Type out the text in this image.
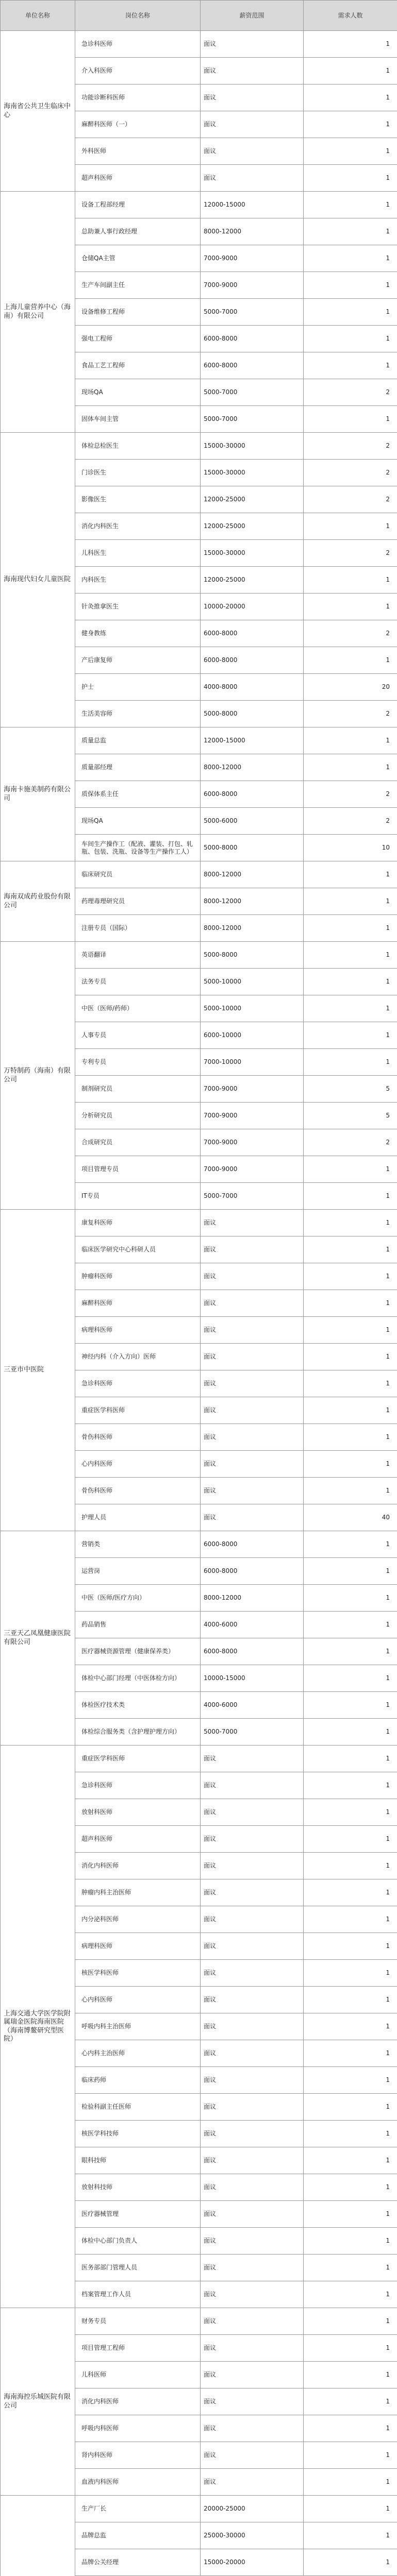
单位名称	岗位名称	薪资范围	需求人数
海南省公共卫生临床中心	急诊科医师	面议	1
	介入科医师	面议	1
	功能诊断科医师	面议	1
	麻醉科医师（一）	面议	1
	外科医师	面议	1
	超声科医师	面议	1
上海儿童营养中心（海南）有限公司	设备工程部经理	12000-15000	1
	总助兼人事行政经理	8000-12000	1
	仓储QA主管	7000-9000	1
	生产车间副主任	7000-9000	1
	设备维修工程师	5000-7000	1
	强电工程师	6000-8000	1
	食品工艺工程师	6000-8000	1
	现场QA	5000-7000	2
	固体车间主管	5000-7000	1
海南现代妇女儿童医院	体检总检医生	15000-30000	2
	门诊医生	15000-30000	2
	影像医生	12000-25000	2
	消化内科医生	12000-25000	1
	儿科医生	15000-30000	2
	内科医生	12000-25000	1
	针灸推拿医生	10000-20000	1
	健身教练	6000-8000	2
	产后康复师	6000-8000	1
	护士	4000-8000	20
	生活美容师	5000-8000	2
海南卡施美制药有限公司	质量总监	12000-15000	1
	质量部经理	8000-12000	1
	质保体系主任	6000-8000	2
	现场QA	5000-6000	2
	车间生产操作工（配液、灌装、打包、轧瓶、包装、洗瓶、设备等生产操作工人）	5000-8000	10
海南双成药业股份有限公司	临床研究员	8000-12000	1
	药理毒理研究员	8000-12000	1
	注册专员（国际）	8000-12000	1
万特制药（海南）有限公司	英语翻译	5000-8000	1
	法务专员	5000-10000	1
	中医（医师/药师）	5000-10000	1
	人事专员	6000-10000	1
	专利专员	7000-10000	1
	制剂研究员	7000-9000	5
	分析研究员	7000-9000	5
	合成研究员	7000-9000	2
	项目管理专员	7000-9000	1
	IT专员	5000-7000	1
三亚市中医院	康复科医师	面议	1
	临床医学研究中心科研人员	面议	1
	肿瘤科医师	面议	1
	麻醉科医师	面议	1
	病理科医师	面议	1
	神经内科（介入方向）医师	面议	1
	急诊科医师	面议	1
	重症医学科医师	面议	1
	骨伤科医师	面议	1
	心内科医师	面议	1
	骨伤科医师	面议	1
	护理人员	面议	40
三亚天乙凤凰健康医院有限公司	营销类	6000-8000	1
	运营岗	6000-8000	1
	中医（医师/医疗方向）	8000-12000	1
	药品销售	4000-6000	1
	医疗器械资源管理（健康保养类）	6000-8000	1
	体检中心部门经理（中医体检方向）	10000-15000	1
	体检医疗技术类	4000-6000	1
	体检综合服务类（含护理护理方向）	5000-7000	1
上海交通大学医学院附属瑞金医院海南医院（海南博鳌研究型医院）	重症医学科医师	面议	1
	急诊科医师	面议	1
	放射科医师	面议	1
	超声科医师	面议	1
	消化内科医师	面议	1
	肿瘤内科主治医师	面议	1
	内分泌科医师	面议	1
	病理科医师	面议	1
	核医学科医师	面议	1
	心内科医师	面议	1
	呼吸内科主治医师	面议	1
	心内科主治医师	面议	1
	临床药师	面议	1
	检验科副主任医师	面议	1
	核医学科技师	面议	1
	眼科技师	面议	1
	放射科技师	面议	1
	医疗器械管理	面议	1
	体检中心部门负责人	面议	1
	医务部部门管理人员	面议	1
	档案管理工作人员	面议	1
海南海控乐城医院有限公司	财务专员	面议	1
	项目管理工程师	面议	1
	儿科医师	面议	1
	消化内科医师	面议	1
	呼吸内科医师	面议	1
	肾内科医师	面议	1
	血液内科医师	面议	1
	生产厂长	20000-25000	1
	品牌总监	25000-30000	1
	品牌公关经理	15000-20000	1
